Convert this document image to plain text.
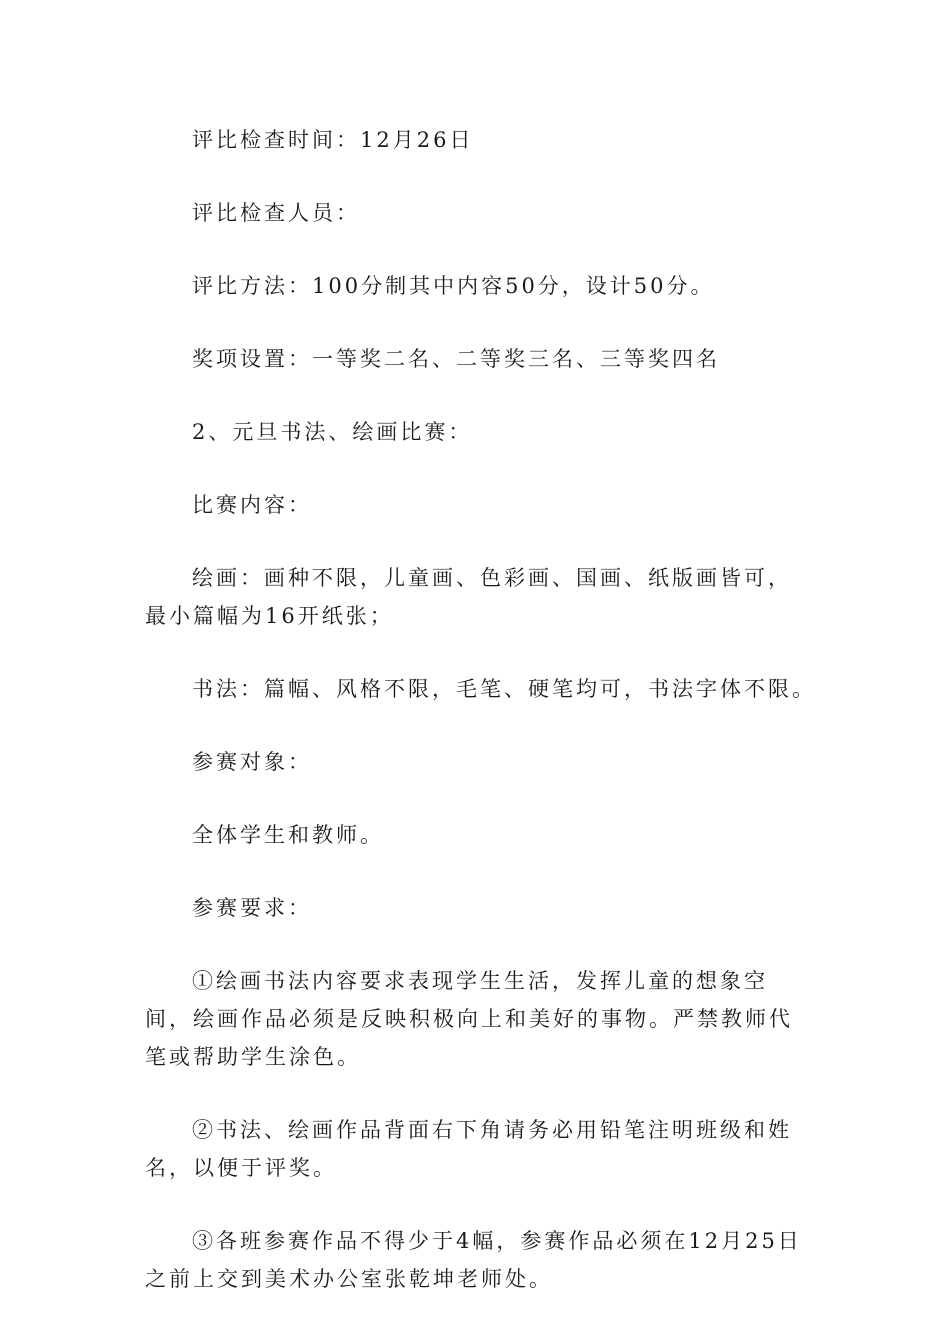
评比检查时间：12月26日

评比检查人员：

评比方法：100分制其中内容50分，设计50分。

奖项设置：一等奖二名、二等奖三名、三等奖四名

2、元旦书法、绘画比赛：

比赛内容：

绘画：画种不限，儿童画、色彩画、国画、纸版画皆可，最小篇幅为16开纸张；

书法：篇幅、风格不限，毛笔、硬笔均可，书法字体不限。

参赛对象：

全体学生和教师。

参赛要求：

①绘画书法内容要求表现学生生活，发挥儿童的想象空间，绘画作品必须是反映积极向上和美好的事物。严禁教师代笔或帮助学生涂色。

②书法、绘画作品背面右下角请务必用铅笔注明班级和姓名，以便于评奖。

③各班参赛作品不得少于4幅，参赛作品必须在12月25日之前上交到美术办公室张乾坤老师处。
